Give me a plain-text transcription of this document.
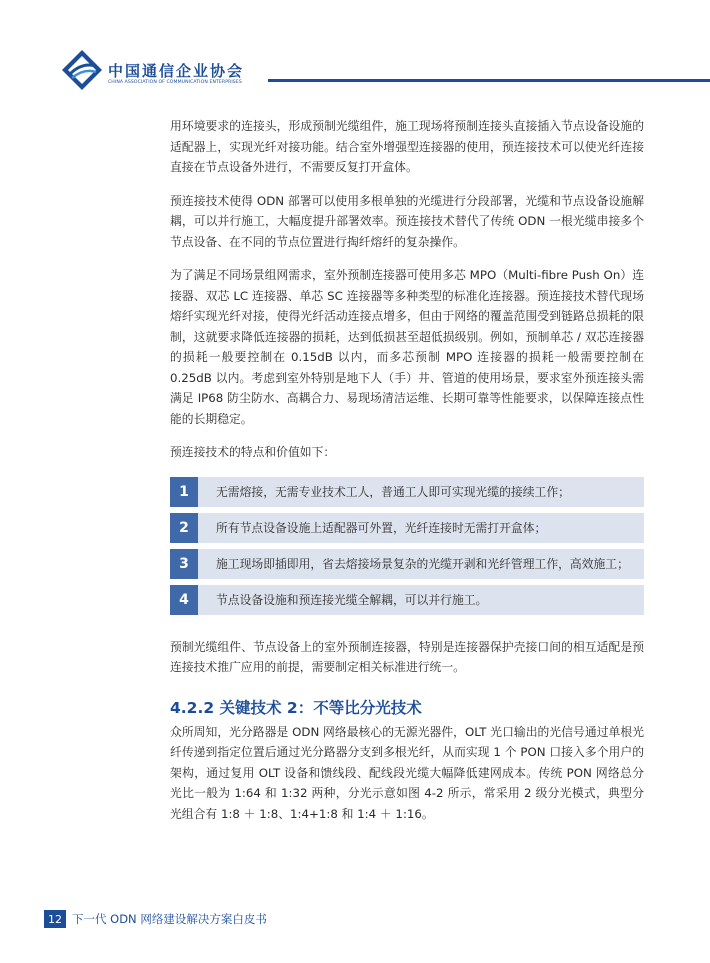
中国通信企业协会
CHINA ASSOCIATION OF COMMUNICATION ENTERPRISES

用环境要求的连接头，形成预制光缆组件，施工现场将预制连接头直接插入节点设备设施的适配器上，实现光纤对接功能。结合室外增强型连接器的使用，预连接技术可以使光纤连接直接在节点设备外进行，不需要反复打开盒体。

预连接技术使得 ODN 部署可以使用多根单独的光缆进行分段部署，光缆和节点设备设施解耦，可以并行施工，大幅度提升部署效率。预连接技术替代了传统 ODN 一根光缆串接多个节点设备、在不同的节点位置进行掏纤熔纤的复杂操作。

为了满足不同场景组网需求，室外预制连接器可使用多芯 MPO（Multi-fibre Push On）连接器、双芯 LC 连接器、单芯 SC 连接器等多种类型的标准化连接器。预连接技术替代现场熔纤实现光纤对接，使得光纤活动连接点增多，但由于网络的覆盖范围受到链路总损耗的限制，这就要求降低连接器的损耗，达到低损甚至超低损级别。例如，预制单芯 / 双芯连接器的损耗一般要控制在 0.15dB 以内，而多芯预制 MPO 连接器的损耗一般需要控制在 0.25dB 以内。考虑到室外特别是地下人（手）井、管道的使用场景，要求室外预连接头需满足 IP68 防尘防水、高耦合力、易现场清洁运维、长期可靠等性能要求，以保障连接点性能的长期稳定。

预连接技术的特点和价值如下：

1	无需熔接，无需专业技术工人，普通工人即可实现光缆的接续工作；
2	所有节点设备设施上适配器可外置，光纤连接时无需打开盒体；
3	施工现场即插即用，省去熔接场景复杂的光缆开剥和光纤管理工作，高效施工；
4	节点设备设施和预连接光缆全解耦，可以并行施工。

预制光缆组件、节点设备上的室外预制连接器，特别是连接器保护壳接口间的相互适配是预连接技术推广应用的前提，需要制定相关标准进行统一。

4.2.2 关键技术 2：不等比分光技术

众所周知，光分路器是 ODN 网络最核心的无源光器件，OLT 光口输出的光信号通过单根光纤传递到指定位置后通过光分路器分支到多根光纤，从而实现 1 个 PON 口接入多个用户的架构，通过复用 OLT 设备和馈线段、配线段光缆大幅降低建网成本。传统 PON 网络总分光比一般为 1:64 和 1:32 两种，分光示意如图 4-2 所示，常采用 2 级分光模式，典型分光组合有 1:8 ＋ 1:8、1:4+1:8 和 1:4 ＋ 1:16。

12 下一代 ODN 网络建设解决方案白皮书
